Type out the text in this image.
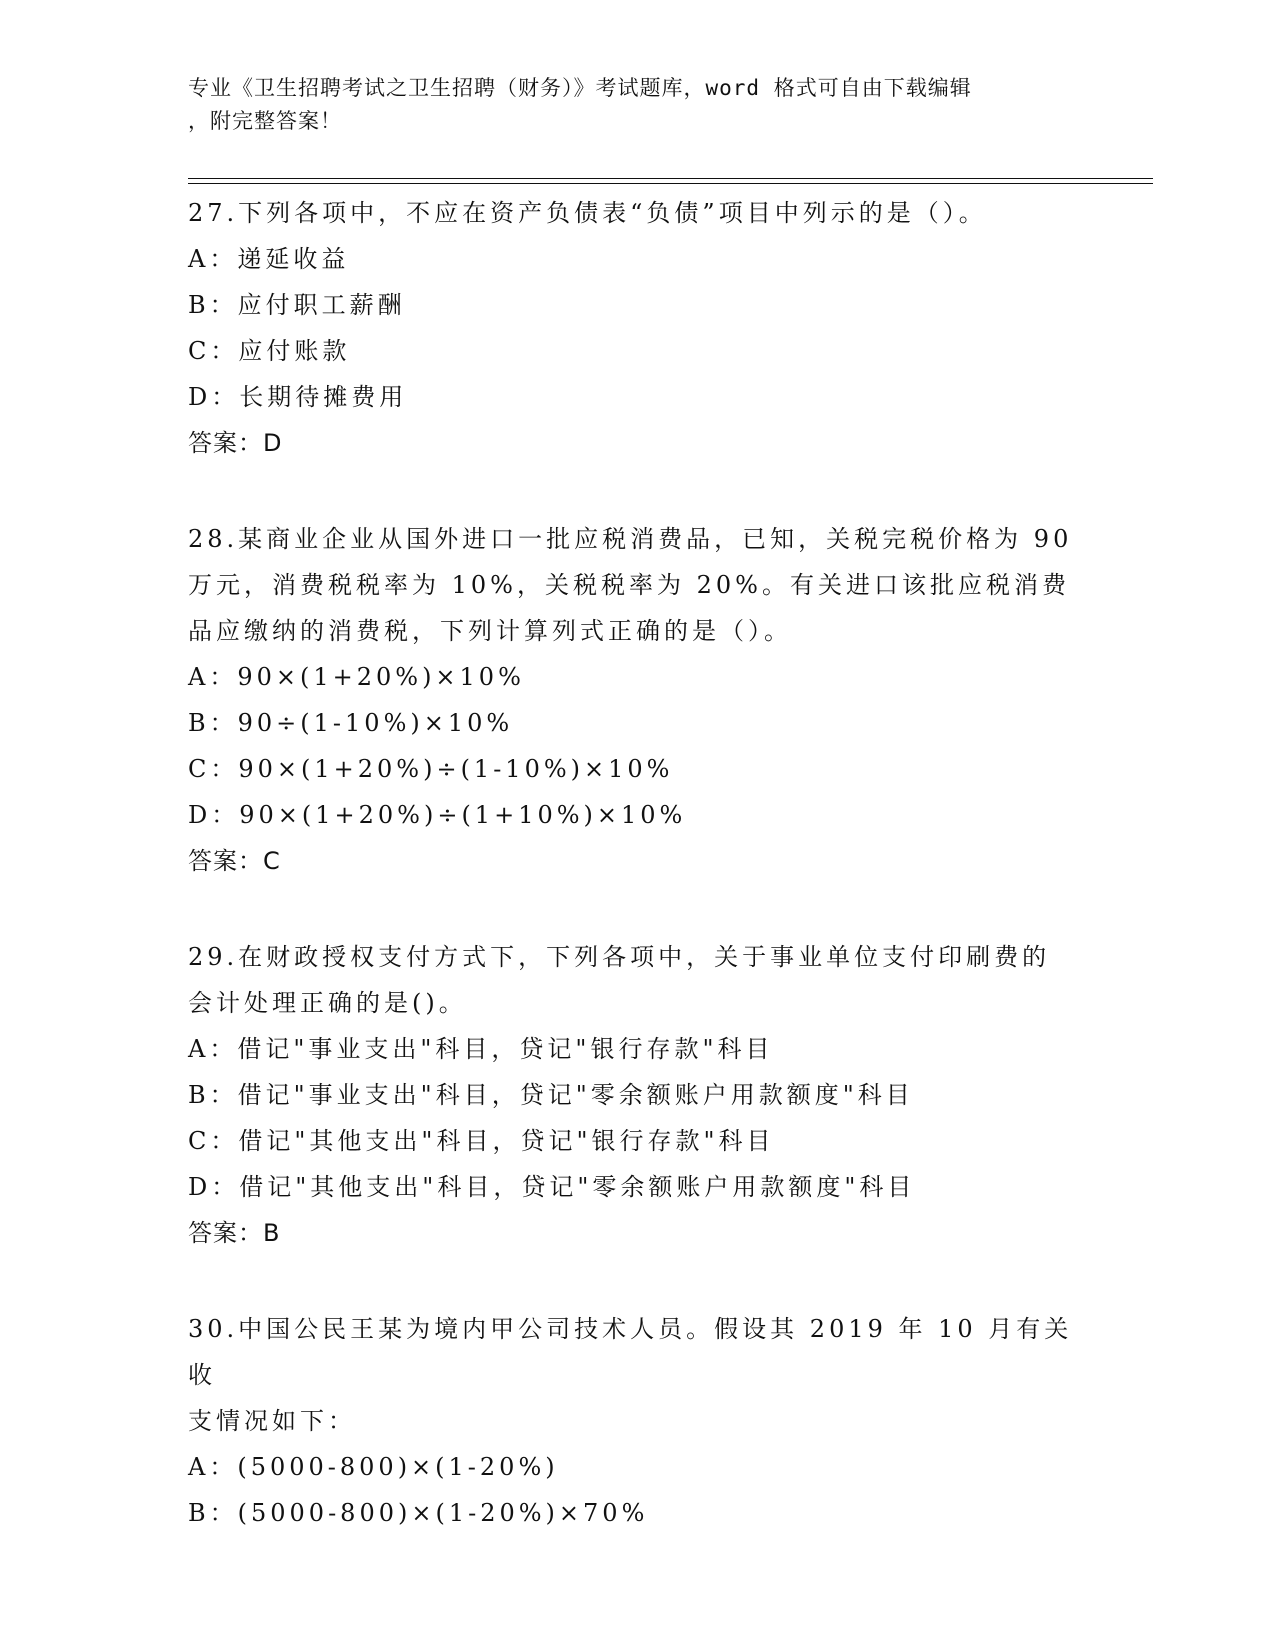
专业《卫生招聘考试之卫生招聘（财务）》考试题库，word 格式可自由下载编辑
，附完整答案！
27.下列各项中，不应在资产负债表“负债”项目中列示的是（）。
A：递延收益
B：应付职工薪酬
C：应付账款
D：长期待摊费用
答案：D
28.某商业企业从国外进口一批应税消费品，已知，关税完税价格为 90
万元，消费税税率为 10%，关税税率为 20%。有关进口该批应税消费
品应缴纳的消费税，下列计算列式正确的是（）。
A：90×(1+20%)×10%
B：90÷(1-10%)×10%
C：90×(1+20%)÷(1-10%)×10%
D：90×(1+20%)÷(1+10%)×10%
答案：C
29.在财政授权支付方式下，下列各项中，关于事业单位支付印刷费的
会计处理正确的是()。
A：借记"事业支出"科目，贷记"银行存款"科目
B：借记"事业支出"科目，贷记"零余额账户用款额度"科目
C：借记"其他支出"科目，贷记"银行存款"科目
D：借记"其他支出"科目，贷记"零余额账户用款额度"科目
答案：B
30.中国公民王某为境内甲公司技术人员。假设其 2019 年 10 月有关收
支情况如下：
A：(5000-800)×(1-20%)
B：(5000-800)×(1-20%)×70%
